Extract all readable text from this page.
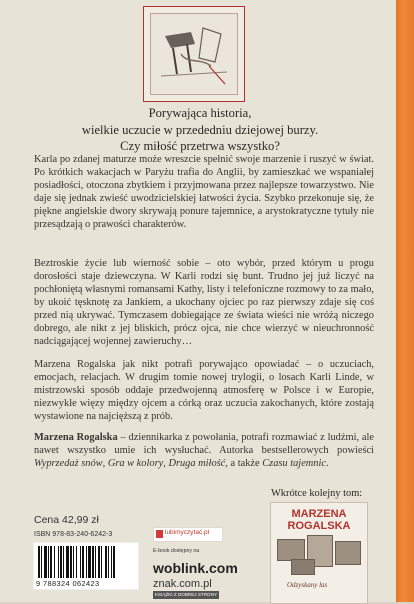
Porywająca historia,
wielkie uczucie w przededniu dziejowej burzy.
Czy miłość przetrwa wszystko?
Karla po zdanej maturze może wreszcie spełnić swoje marzenie i ruszyć w świat. Po krótkich wakacjach w Paryżu trafia do Anglii, by zamieszkać we wspaniałej posiadłości, otoczona zbytkiem i przyjmowana przez najlepsze towarzystwo. Nie daje się jednak zwieść uwodzicielskiej łatwości życia. Szybko przekonuje się, że piękne angielskie dwory skrywają ponure tajemnice, a arystokratyczne tytuły nie przesądzają o prawości charakterów.
Beztroskie życie lub wierność sobie – oto wybór, przed którym u progu dorosłości staje dziewczyna. W Karli rodzi się bunt. Trudno jej już liczyć na pochłoniętą własnymi romansami Kathy, listy i telefoniczne rozmowy to za mało, by ukoić tęsknotę za Jankiem, a ukochany ojciec po raz pierwszy zdaje się coś przed nią ukrywać. Tymczasem dobiegające ze świata wieści nie wróżą niczego dobrego, ale nikt z jej bliskich, prócz ojca, nie chce wierzyć w nieuchronność nadciągającej wojennej zawieruchy…
Marzena Rogalska jak nikt potrafi porywająco opowiadać – o uczuciach, emocjach, relacjach. W drugim tomie nowej trylogii, o losach Karli Linde, w mistrzowski sposób oddaje przedwojenną atmosferę w Polsce i w Europie, niezwykłe więzy między ojcem a córką oraz uczucia zakochanych, które zostają wystawione na najcięższą z prób.
Marzena Rogalska – dziennikarka z powołania, potrafi rozmawiać z ludźmi, ale nawet wszystko umie ich wysłuchać. Autorka bestsellerowych powieści Wyprzedaż snów, Gra w kolory, Druga miłość, a także Czasu tajemnic.
Cena 42,99 zł
ISBN 978-83-240-6242-3
9 788324 062423
lubimyczytać.pl
E-book dostępny na
woblink.com
znak.com.pl
KSIĄŻKI Z DOBREJ STRONY
Wkrótce kolejny tom:
MARZENA
ROGALSKA
Odzyskany las
